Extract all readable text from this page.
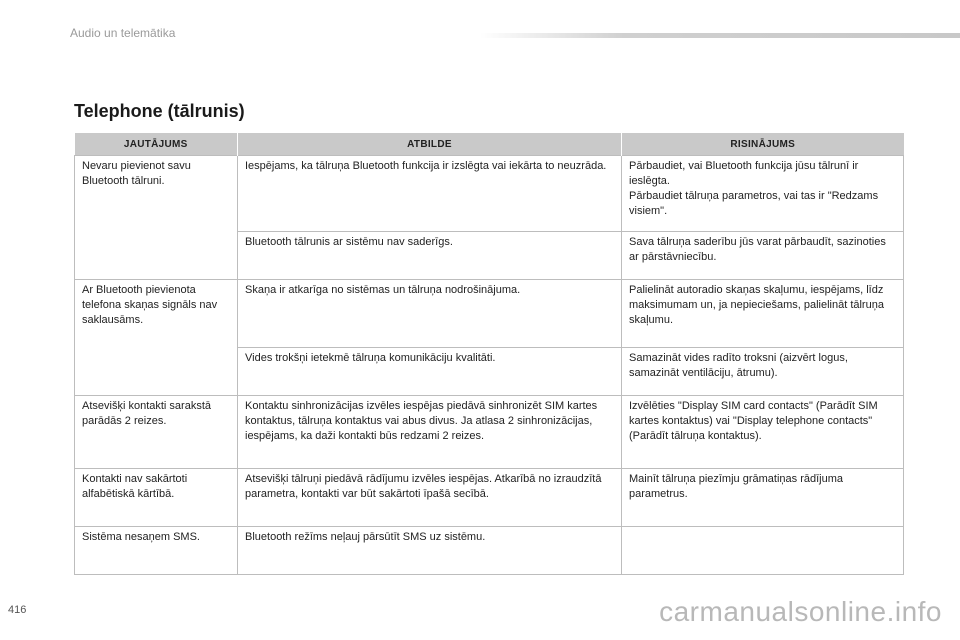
Audio un telemātika
Telephone (tālrunis)
JAUTĀJUMS	ATBILDE	RISINĀJUMS
Nevaru pievienot savu Bluetooth tālruni.	Iespējams, ka tālruņa Bluetooth funkcija ir izslēgta vai iekārta to neuzrāda.	Pārbaudiet, vai Bluetooth funkcija jūsu tālrunī ir ieslēgta.
Pārbaudiet tālruņa parametros, vai tas ir "Redzams visiem".
	Bluetooth tālrunis ar sistēmu nav saderīgs.	Sava tālruņa saderību jūs varat pārbaudīt, sazinoties ar pārstāvniecību.
Ar Bluetooth pievienota telefona skaņas signāls nav saklausāms.	Skaņa ir atkarīga no sistēmas un tālruņa nodrošinājuma.	Palielināt autoradio skaņas skaļumu, iespējams, līdz maksimumam un, ja nepieciešams, palielināt tālruņa skaļumu.
	Vides trokšņi ietekmē tālruņa komunikāciju kvalitāti.	Samazināt vides radīto troksni (aizvērt logus, samazināt ventilāciju, ātrumu).
Atsevišķi kontakti sarakstā parādās 2 reizes.	Kontaktu sinhronizācijas izvēles iespējas piedāvā sinhronizēt SIM kartes kontaktus, tālruņa kontaktus vai abus divus. Ja atlasa 2 sinhronizācijas, iespējams, ka daži kontakti būs redzami 2 reizes.	Izvēlēties "Display SIM card contacts" (Parādīt SIM kartes kontaktus) vai "Display telephone contacts" (Parādīt tālruņa kontaktus).
Kontakti nav sakārtoti alfabētiskā kārtībā.	Atsevišķi tālruņi piedāvā rādījumu izvēles iespējas. Atkarībā no izraudzītā parametra, kontakti var būt sakārtoti īpašā secībā.	Mainīt tālruņa piezīmju grāmatiņas rādījuma parametrus.
Sistēma nesaņem SMS.	Bluetooth režīms neļauj pārsūtīt SMS uz sistēmu.	
416	carmanualsonline.info
